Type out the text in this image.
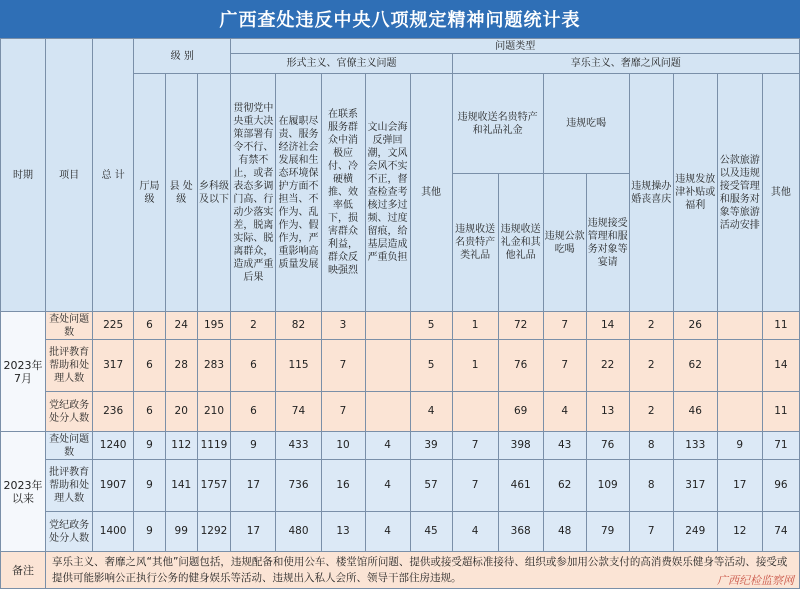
广西查处违反中央八项规定精神问题统计表
时期	项目	总 计	级 别			问题类型												
						形式主义、官僚主义问题					享乐主义、奢靡之风问题							
			厅局级	县 处级	乡科级及以下	贯彻党中央重大决策部署有令不行、有禁不止，或者表态多调门高、行动少落实差，脱离实际、脱离群众，造成严重后果	在履职尽责、服务经济社会发展和生态环境保护方面不担当、不作为、乱作为、假作为，严重影响高质量发展	在联系服务群众中消极应付、冷硬横推、效率低下，损害群众利益，群众反映强烈	文山会海反弹回潮，文风会风不实不正，督查检查考核过多过频、过度留痕，给基层造成严重负担	其他	违规收送名贵特产和礼品礼金		违规吃喝		违规操办婚丧喜庆	违规发放津补贴或福利	公款旅游以及违规接受管理和服务对象等旅游活动安排	其他
											违规收送名贵特产类礼品	违规收送礼金和其他礼品	违规公款吃喝	违规接受管理和服务对象等宴请				
2023年7月	查处问题数	225	6	24	195	2	82	3		5	1	72	7	14	2	26		11
	批评教育帮助和处理人数	317	6	28	283	6	115	7		5	1	76	7	22	2	62		14
	党纪政务处分人数	236	6	20	210	6	74	7		4		69	4	13	2	46		11
2023年以来	查处问题数	1240	9	112	1119	9	433	10	4	39	7	398	43	76	8	133	9	71
	批评教育帮助和处理人数	1907	9	141	1757	17	736	16	4	57	7	461	62	109	8	317	17	96
	党纪政务处分人数	1400	9	99	1292	17	480	13	4	45	4	368	48	79	7	249	12	74
备注	享乐主义、奢靡之风“其他”问题包括，违规配备和使用公车、楼堂馆所问题、提供或接受超标准接待、组织或参加用公款支付的高消费娱乐健身等活动、接受或提供可能影响公正执行公务的健身娱乐等活动、违规出入私人会所、领导干部住房违规。																		广西纪检监察网
